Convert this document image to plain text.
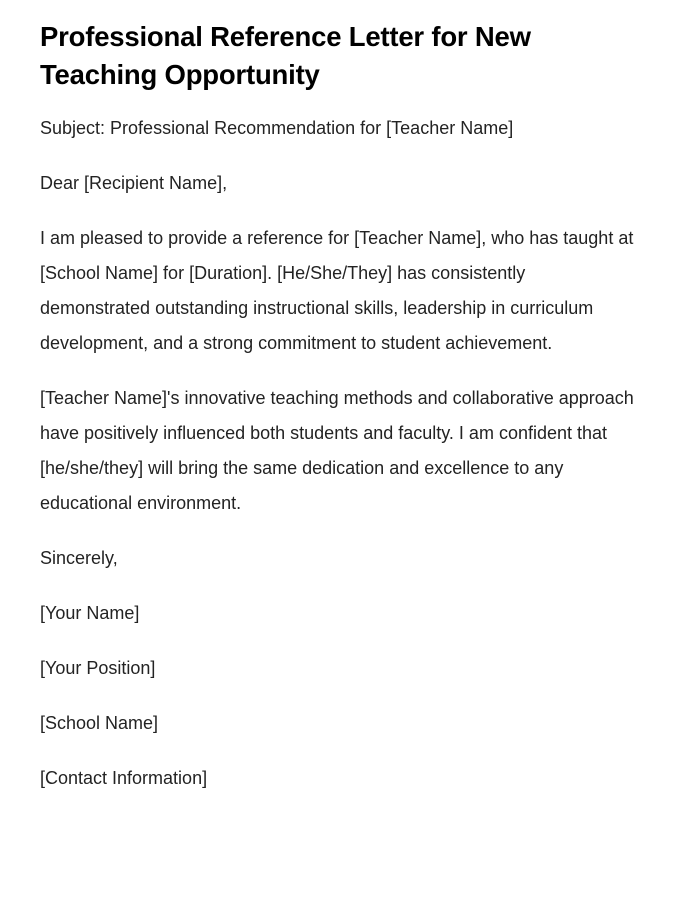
Professional Reference Letter for New Teaching Opportunity

Subject: Professional Recommendation for [Teacher Name]

Dear [Recipient Name],

I am pleased to provide a reference for [Teacher Name], who has taught at [School Name] for [Duration]. [He/She/They] has consistently demonstrated outstanding instructional skills, leadership in curriculum development, and a strong commitment to student achievement.

[Teacher Name]'s innovative teaching methods and collaborative approach have positively influenced both students and faculty. I am confident that [he/she/they] will bring the same dedication and excellence to any educational environment.

Sincerely,

[Your Name]

[Your Position]

[School Name]

[Contact Information]
